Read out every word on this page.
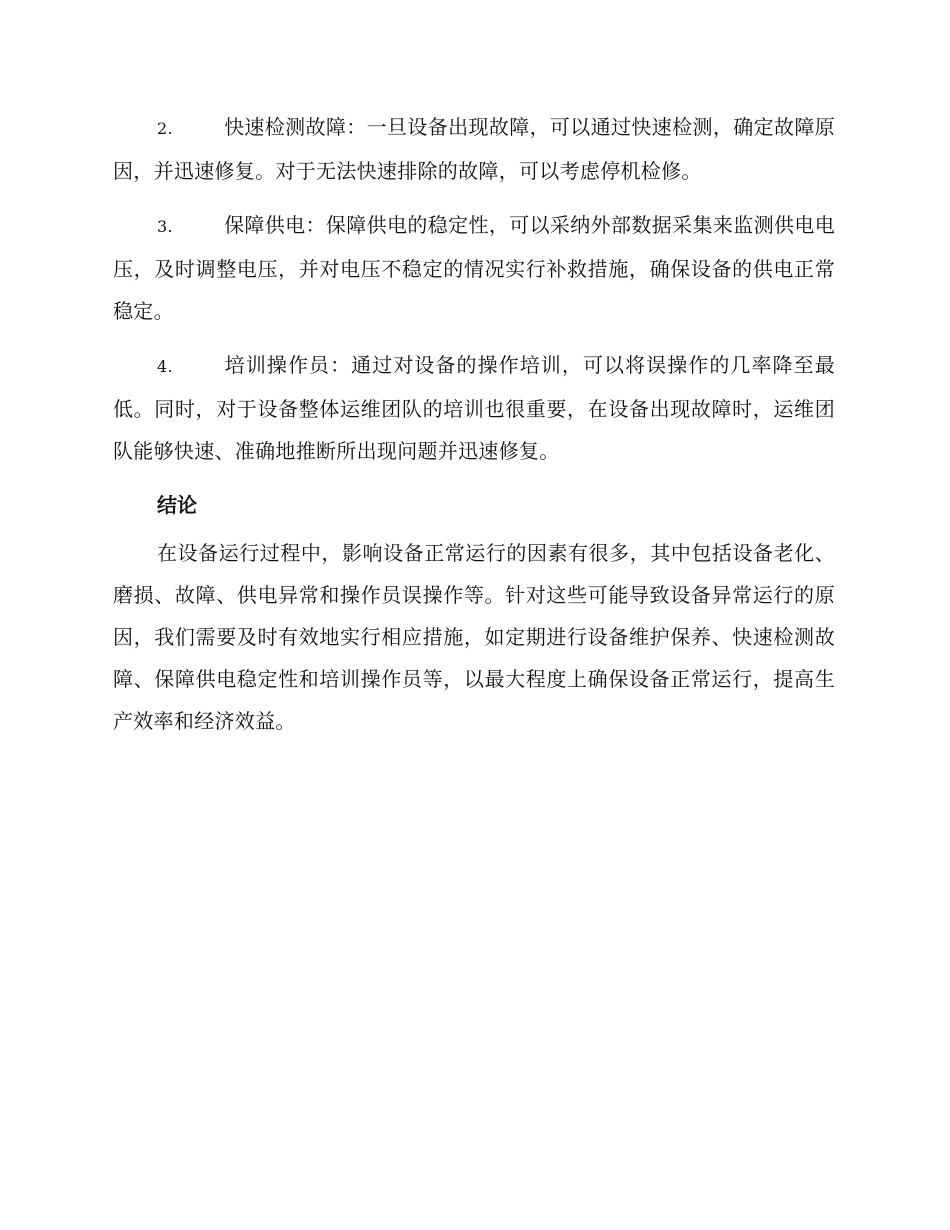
2.	快速检测故障：一旦设备出现故障，可以通过快速检测，确定故障原因，并迅速修复。对于无法快速排除的故障，可以考虑停机检修。

3.	保障供电：保障供电的稳定性，可以采纳外部数据采集来监测供电电压，及时调整电压，并对电压不稳定的情况实行补救措施，确保设备的供电正常稳定。

4.	培训操作员：通过对设备的操作培训，可以将误操作的几率降至最低。同时，对于设备整体运维团队的培训也很重要，在设备出现故障时，运维团队能够快速、准确地推断所出现问题并迅速修复。

结论

在设备运行过程中，影响设备正常运行的因素有很多，其中包括设备老化、磨损、故障、供电异常和操作员误操作等。针对这些可能导致设备异常运行的原因，我们需要及时有效地实行相应措施，如定期进行设备维护保养、快速检测故障、保障供电稳定性和培训操作员等，以最大程度上确保设备正常运行，提高生产效率和经济效益。
